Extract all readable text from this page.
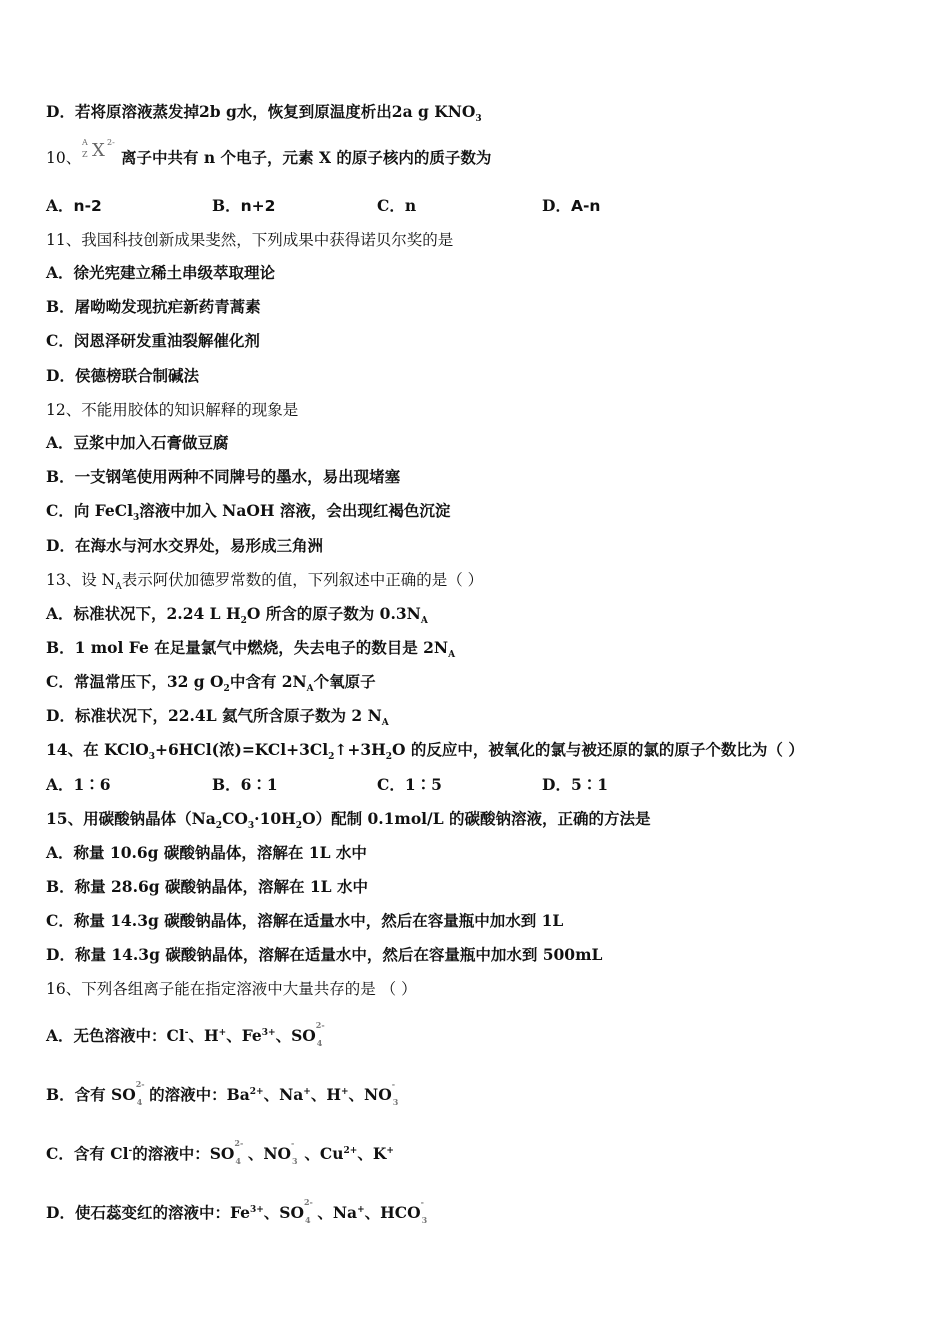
D．若将原溶液蒸发掉2b g水，恢复到原温度析出2a g $KNO_3$
10、
A
Z X 2-
离子中共有 n 个电子，元素 X 的原子核内的质子数为
A．n-2	B．n+2	C．n	D．A-n
11、我国科技创新成果斐然，下列成果中获得诺贝尔奖的是
A．徐光宪建立稀土串级萃取理论
B．屠呦呦发现抗疟新药青蒿素
C．闵恩泽研发重油裂解催化剂
D．侯德榜联合制碱法
12、不能用胶体的知识解释的现象是
A．豆浆中加入石膏做豆腐
B．一支钢笔使用两种不同牌号的墨水，易出现堵塞
C．向 FeCl$_3$溶液中加入 NaOH 溶液，会出现红褐色沉淀
D．在海水与河水交界处，易形成三角洲
13、设 $N_A$表示阿伏加德罗常数的值，下列叙述中正确的是（ ）
A．标准状况下，2.24 L $H_2O$ 所含的原子数为 $0.3N_A$
B．1 mol Fe 在足量氯气中燃烧，失去电子的数目是 $2N_A$
C．常温常压下，32 g $O_2$中含有 $2N_A$个氧原子
D．标准状况下，22.4L 氦气所含原子数为 2 $N_A$
14、在 KClO$_3$+6HCl(浓)$=KCl+3Cl_2↑+3H_2O$ 的反应中，被氧化的氯与被还原的氯的原子个数比为（ ）
A．1∶6	B．6∶1	C．1∶5	D．5∶1
15、用碳酸钠晶体$(Na_2CO_3\cdot 10H_2O)$配制 0.1mol/L 的碳酸钠溶液，正确的方法是
A．称量 10.6g 碳酸钠晶体，溶解在 1L 水中
B．称量 28.6g 碳酸钠晶体，溶解在 1L 水中
C．称量 14.3g 碳酸钠晶体，溶解在适量水中，然后在容量瓶中加水到 1L
D．称量 14.3g 碳酸钠晶体，溶解在适量水中，然后在容量瓶中加水到 500mL
16、下列各组离子能在指定溶液中大量共存的是 （ ）
A．无色溶液中：Cl-、H+、$Fe^{3+}$、SO
2-
4
B．含有 SO
2-
4 的溶液中：$Ba^{2+}$、Na+、H+、NO
-
3
C．含有 Cl-的溶液中：SO
2-
4 、NO
-
3 、$Cu^{2+}$、K+
D．使石蕊变红的溶液中：$Fe^{3+}$、SO
2-
4 、Na+、HCO
-
3
